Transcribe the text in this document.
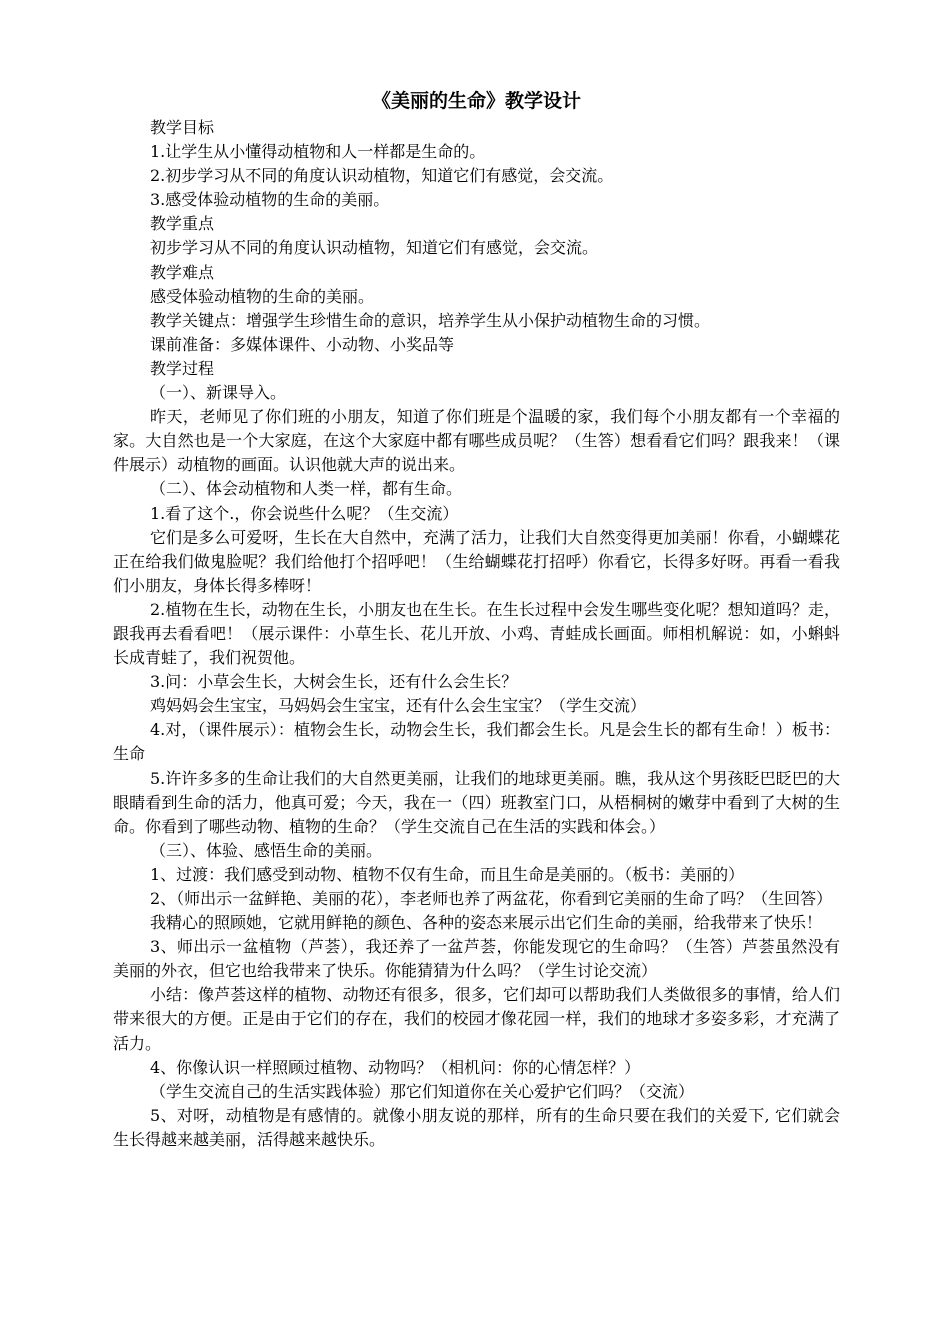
《美丽的生命》教学设计

教学目标

1.让学生从小懂得动植物和人一样都是生命的。

2.初步学习从不同的角度认识动植物，知道它们有感觉，会交流。

3.感受体验动植物的生命的美丽。

教学重点

初步学习从不同的角度认识动植物，知道它们有感觉，会交流。

教学难点

感受体验动植物的生命的美丽。

教学关键点：增强学生珍惜生命的意识，培养学生从小保护动植物生命的习惯。

课前准备：多媒体课件、小动物、小奖品等

教学过程

（一）、新课导入。

昨天，老师见了你们班的小朋友，知道了你们班是个温暖的家，我们每个小朋友都有一个幸福的家。大自然也是一个大家庭，在这个大家庭中都有哪些成员呢？（生答）想看看它们吗？跟我来！（课件展示）动植物的画面。认识他就大声的说出来。

（二）、体会动植物和人类一样，都有生命。

1.看了这个.，你会说些什么呢？（生交流）

它们是多么可爱呀，生长在大自然中，充满了活力，让我们大自然变得更加美丽！你看，小蝴蝶花正在给我们做鬼脸呢？我们给他打个招呼吧！（生给蝴蝶花打招呼）你看它，长得多好呀。再看一看我们小朋友，身体长得多棒呀！

2.植物在生长，动物在生长，小朋友也在生长。在生长过程中会发生哪些变化呢？想知道吗？走，跟我再去看看吧！（展示课件：小草生长、花儿开放、小鸡、青蛙成长画面。师相机解说：如，小蝌蚪长成青蛙了，我们祝贺他。

3.问：小草会生长，大树会生长，还有什么会生长？

鸡妈妈会生宝宝，马妈妈会生宝宝，还有什么会生宝宝？（学生交流）

4.对，（课件展示）：植物会生长，动物会生长，我们都会生长。凡是会生长的都有生命！）板书：生命

5.许许多多的生命让我们的大自然更美丽，让我们的地球更美丽。瞧，我从这个男孩眨巴眨巴的大眼睛看到生命的活力，他真可爱；今天，我在一（四）班教室门口，从梧桐树的嫩芽中看到了大树的生命。你看到了哪些动物、植物的生命？（学生交流自己在生活的实践和体会。）

（三）、体验、感悟生命的美丽。

1、过渡：我们感受到动物、植物不仅有生命，而且生命是美丽的。（板书：美丽的）

2、（师出示一盆鲜艳、美丽的花），李老师也养了两盆花，你看到它美丽的生命了吗？（生回答）

我精心的照顾她，它就用鲜艳的颜色、各种的姿态来展示出它们生命的美丽，给我带来了快乐！

3、师出示一盆植物（芦荟），我还养了一盆芦荟，你能发现它的生命吗？（生答）芦荟虽然没有美丽的外衣，但它也给我带来了快乐。你能猜猜为什么吗？（学生讨论交流）

小结：像芦荟这样的植物、动物还有很多，很多，它们却可以帮助我们人类做很多的事情，给人们带来很大的方便。正是由于它们的存在，我们的校园才像花园一样，我们的地球才多姿多彩，才充满了活力。

4、你像认识一样照顾过植物、动物吗？（相机问：你的心情怎样？）

（学生交流自己的生活实践体验）那它们知道你在关心爱护它们吗？（交流）

5、对呀，动植物是有感情的。就像小朋友说的那样，所有的生命只要在我们的关爱下, 它们就会生长得越来越美丽，活得越来越快乐。
